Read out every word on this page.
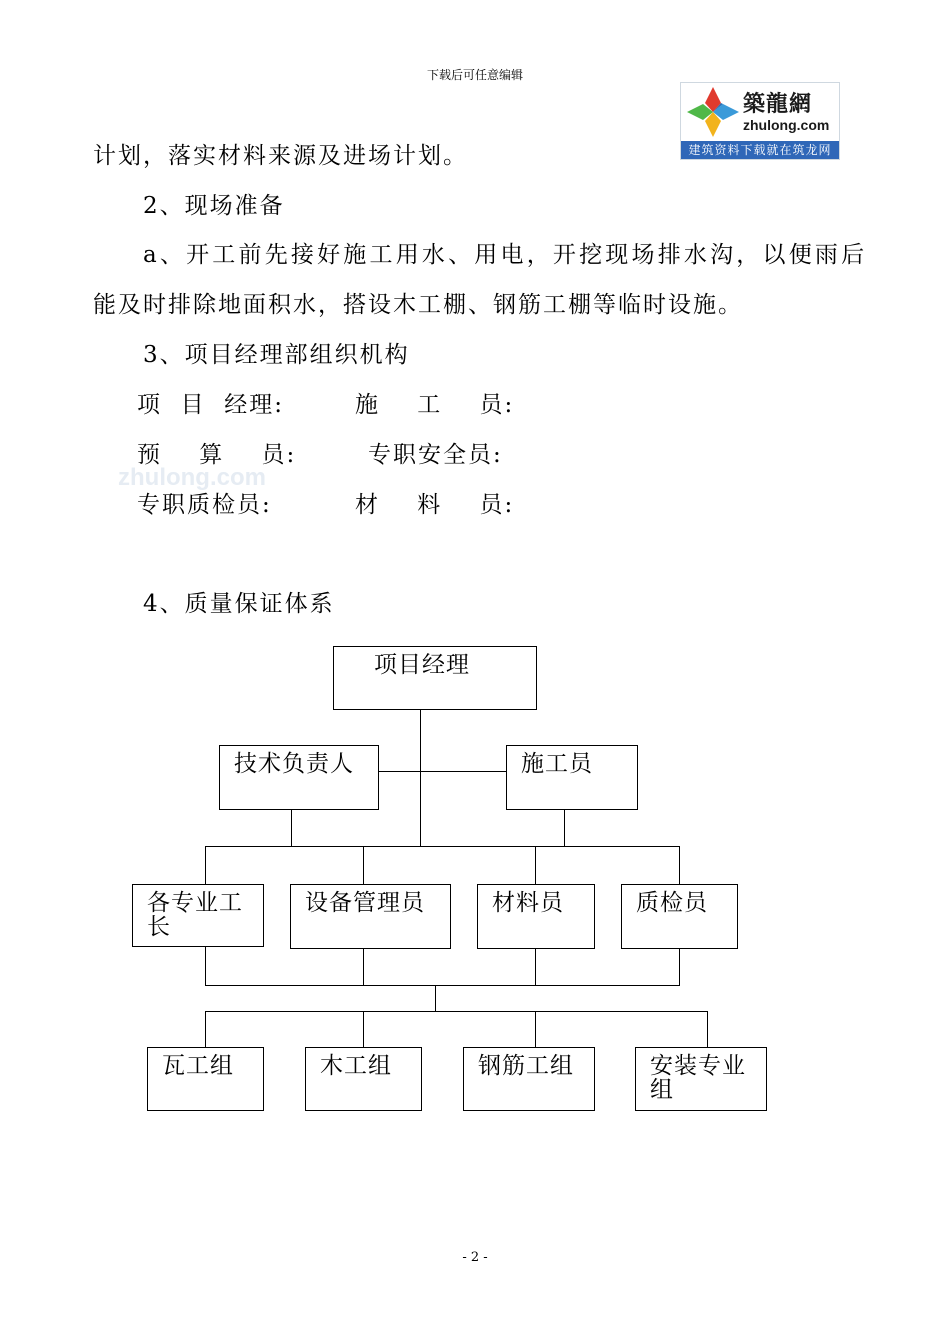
下载后可任意编辑
築龍網
zhulong.com
建筑资料下载就在筑龙网
计划，落实材料来源及进场计划。
2、现场准备
a、开工前先接好施工用水、用电，开挖现场排水沟，以便雨后
能及时排除地面积水，搭设木工棚、钢筋工棚等临时设施。
3、项目经理部组织机构
zhulong.com
项  目  经理:	施    工    员:
预    算    员:	专职安全员:
专职质检员:	材    料    员:
4、质量保证体系
项目经理
技术负责人	施工员
各专业工长
设备管理员	材料员	质检员
瓦工组	木工组	钢筋工组	安装专业组
- 2 -
